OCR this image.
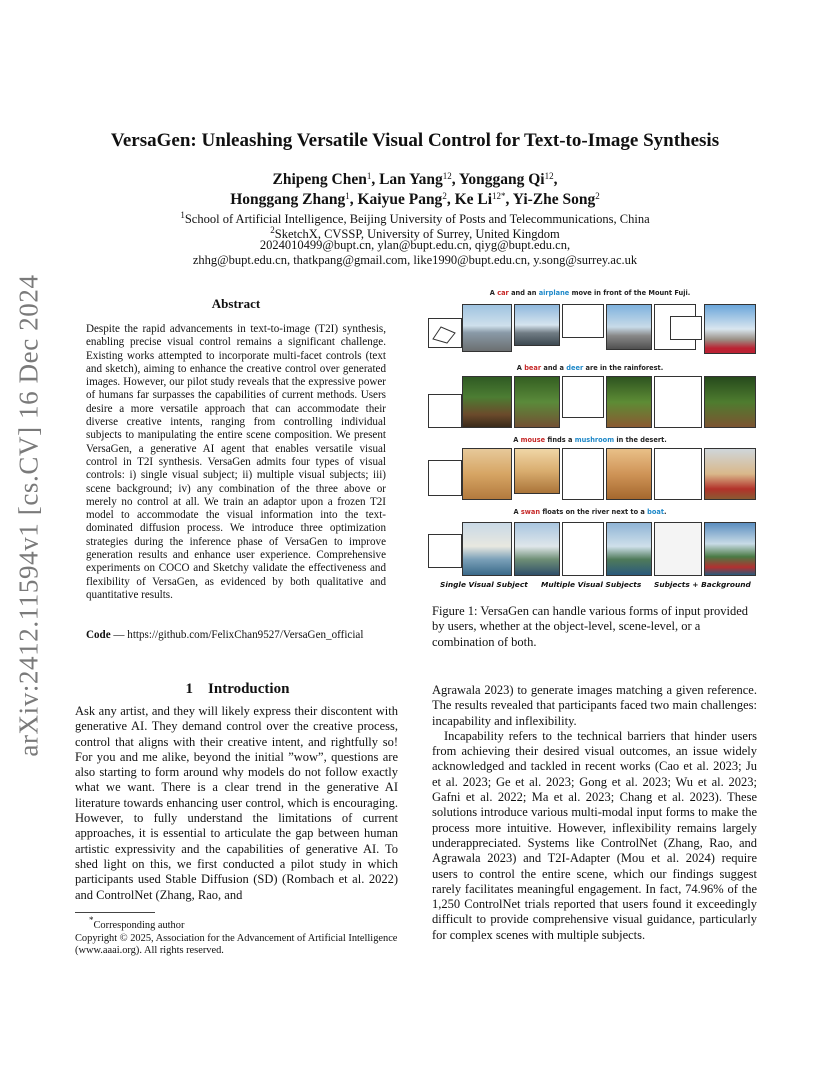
arXiv:2412.11594v1 [cs.CV] 16 Dec 2024
VersaGen: Unleashing Versatile Visual Control for Text-to-Image Synthesis
Zhipeng Chen$^1$, Lan Yang$^{12}$, Yonggang Qi$^{12}$,
Honggang Zhang$^1$, Kaiyue Pang$^2$, Ke $Li^{12*}$, Yi-Zhe Song$^2$
$^1$School of Artificial Intelligence, Beijing University of Posts and Telecommunications, China
$^2$SketchX, CVSSP, University of Surrey, United Kingdom
2024010499@bupt.cn, ylan@bupt.edu.cn, qiyg@bupt.edu.cn,
zhhg@bupt.edu.cn, thatkpang@gmail.com, like1990@bupt.edu.cn, y.song@surrey.ac.uk
Abstract

Despite the rapid advancements in text-to-image (T2I) synthesis, enabling precise visual control remains a significant challenge. Existing works attempted to incorporate multi-facet controls (text and sketch), aiming to enhance the creative control over generated images. However, our pilot study reveals that the expressive power of humans far surpasses the capabilities of current methods. Users desire a more versatile approach that can accommodate their diverse creative intents, ranging from controlling individual subjects to manipulating the entire scene composition. We present VersaGen, a generative AI agent that enables versatile visual control in T2I synthesis. VersaGen admits four types of visual controls: i) single visual subject; ii) multiple visual subjects; iii) scene background; iv) any combination of the three above or merely no control at all. We train an adaptor upon a frozen T2I model to accommodate the visual information into the text-dominated diffusion process. We introduce three optimization strategies during the inference phase of VersaGen to improve generation results and enhance user experience. Comprehensive experiments on COCO and Sketchy validate the effectiveness and flexibility of VersaGen, as evidenced by both qualitative and quantitative results.

Code — https://github.com/FelixChan9527/VersaGen_official
A car and an airplane move in front of the Mount Fuji.
A bear and a deer are in the rainforest.
A mouse finds a mushroom in the desert.
A swan floats on the river next to a boat.
Single Visual Subject Multiple Visual Subjects Subjects + Background
Figure 1: VersaGen can handle various forms of input provided by users, whether at the object-level, scene-level, or a combination of both.
1 Introduction

Ask any artist, and they will likely express their discontent with generative AI. They demand control over the creative process, control that aligns with their creative intent, and rightfully so! For you and me alike, beyond the initial ”wow”, questions are also starting to form around why models do not follow exactly what we want. There is a clear trend in the generative AI literature towards enhancing user control, which is encouraging. However, to fully understand the limitations of current approaches, it is essential to articulate the gap between human artistic expressivity and the capabilities of generative AI. To shed light on this, we first conducted a pilot study in which participants used Stable Diffusion (SD) (Rombach et al. 2022) and ControlNet (Zhang, Rao, and

Agrawala 2023) to generate images matching a given reference. The results revealed that participants faced two main challenges: incapability and inflexibility.

Incapability refers to the technical barriers that hinder users from achieving their desired visual outcomes, an issue widely acknowledged and tackled in recent works (Cao et al. 2023; Ju et al. 2023; Ge et al. 2023; Gong et al. 2023; Wu et al. 2023; Gafni et al. 2022; Ma et al. 2023; Chang et al. 2023). These solutions introduce various multi-modal input forms to make the process more intuitive. However, inflexibility remains largely underappreciated. Systems like ControlNet (Zhang, Rao, and Agrawala 2023) and T2I-Adapter (Mou et al. 2024) require users to control the entire scene, which our findings suggest rarely facilitates meaningful engagement. In fact, 74.96% of the 1,250 ControlNet trials reported that users found it exceedingly difficult to provide comprehensive visual guidance, particularly for complex scenes with multiple subjects.

*Corresponding author

Copyright © 2025, Association for the Advancement of Artificial Intelligence (www.aaai.org). All rights reserved.
